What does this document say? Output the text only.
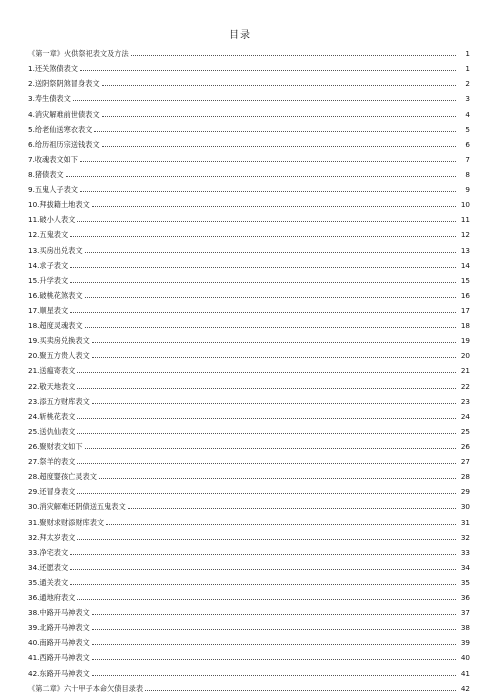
目录
《第一章》火供祭祀表文及方法	1
1.还关煞债表文	1
2.送阴祭阴煞冒身表文	2
3.寿生债表文	3
4.消灾解难前世债表文	4
5.给老仙送寒衣表文	5
6.给历祖历宗送钱表文	6
7.收魂表文如下	7
8.猪债表文	8
9.五鬼人子表文	9
10.拜拔籍土地表文	10
11.破小人表文	11
12.五鬼表文	12
13.买房出兑表文	13
14.求子表文	14
15.升学表文	15
16.破桃花煞表文	16
17.顺星表文	17
18.超度灵魂表文	18
19.买卖房兑换表文	19
20.聚五方贵人表文	20
21.送瘟寄表文	21
22.敬天地表文	22
23.添五方财库表文	23
24.斩桃花表文	24
25.送仇仙表文	25
26.聚财表文如下	26
27.祭羊的表文	27
28.超度婴孩亡灵表文	28
29.还冒身表文	29
30.消灾解难还阴债送五鬼表文	30
31.聚财求财添财库表文	31
32.拜太岁表文	32
33.净宅表文	33
34.还愿表文	34
35.通关表文	35
36.通地府表文	36
38.中路开马神表文	37
39.北路开马神表文	38
40.南路开马神表文	39
41.西路开马神表文	40
42.东路开马神表文	41
《第二章》六十甲子本命欠债目录表	42
